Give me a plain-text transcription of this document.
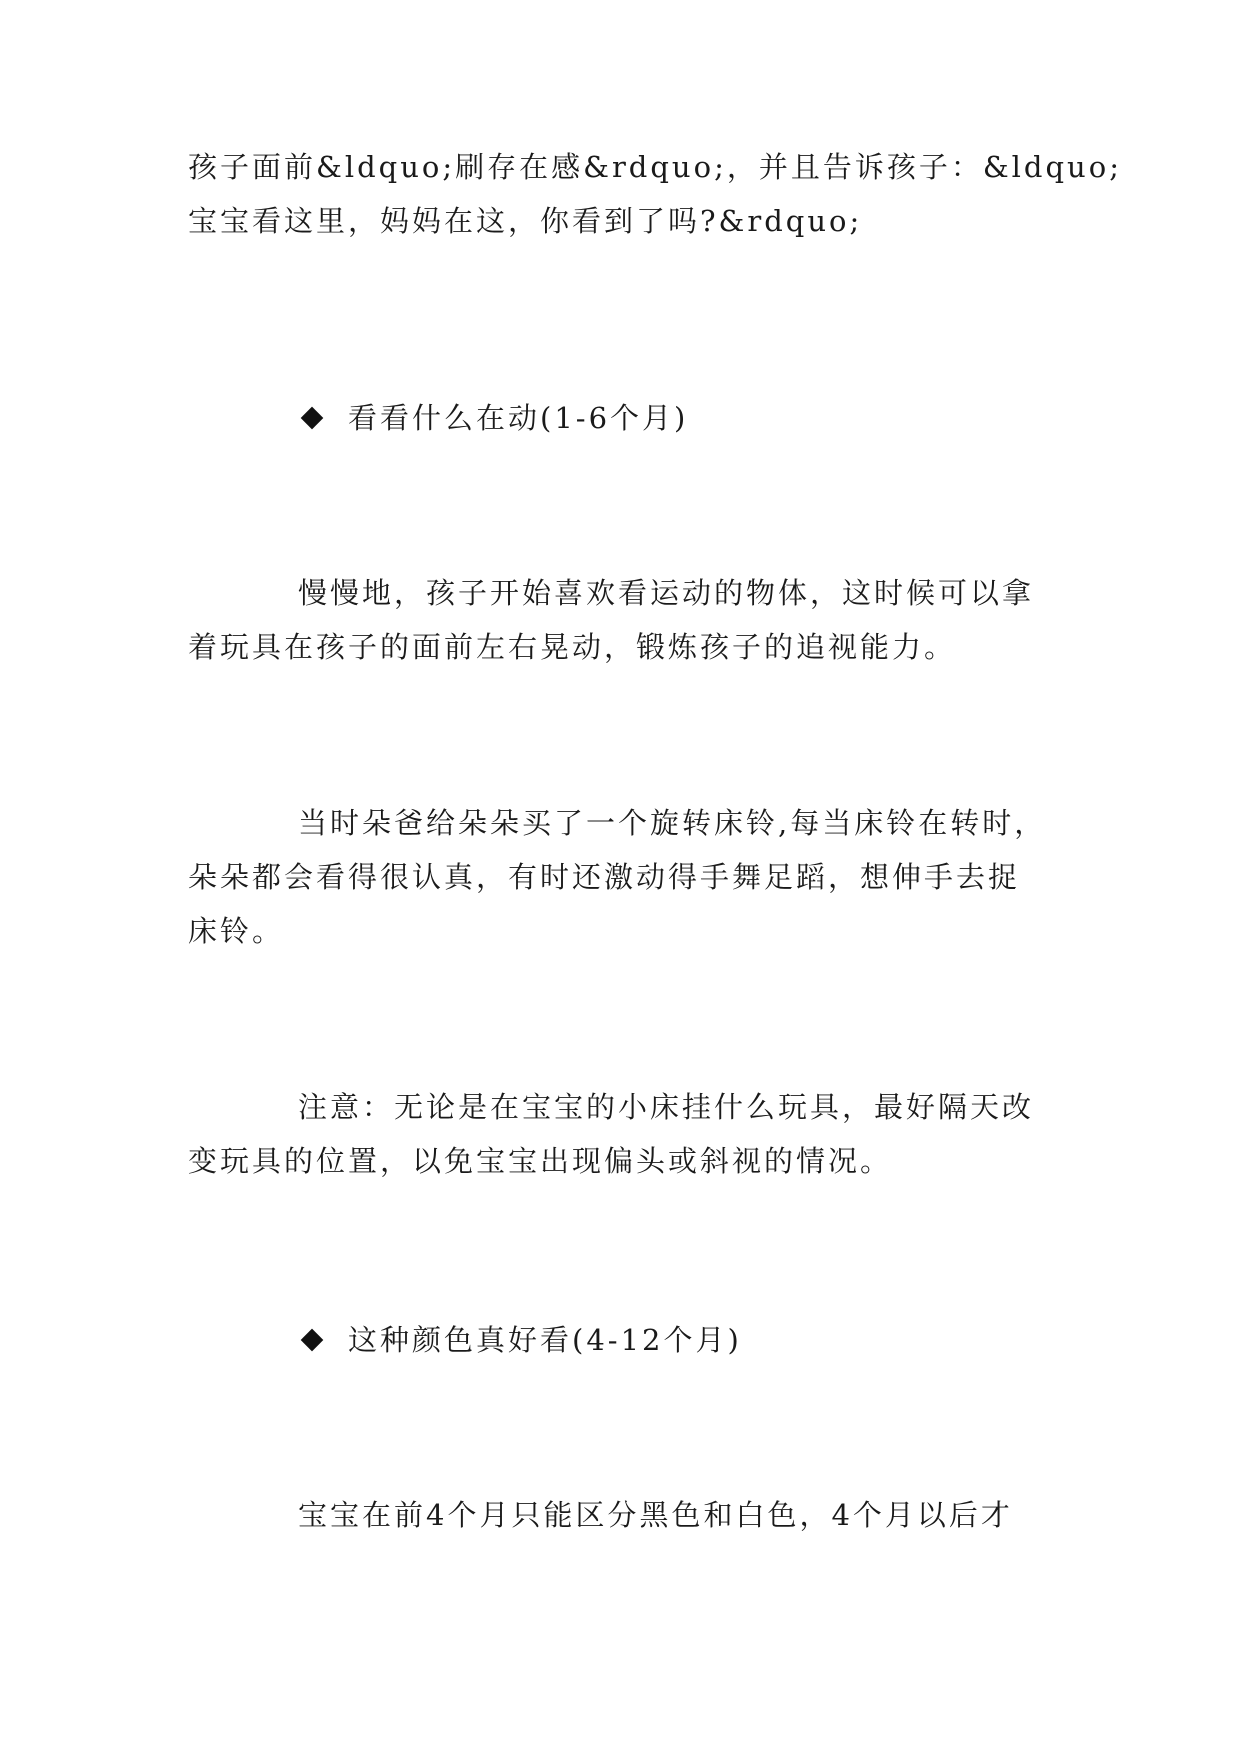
孩子面前&ldquo;刷存在感&rdquo;，并且告诉孩子：&ldquo;
宝宝看这里，妈妈在这，你看到了吗?&rdquo;
看看什么在动(1-6个月)
慢慢地，孩子开始喜欢看运动的物体，这时候可以拿
着玩具在孩子的面前左右晃动，锻炼孩子的追视能力。
当时朵爸给朵朵买了一个旋转床铃,每当床铃在转时，
朵朵都会看得很认真，有时还激动得手舞足蹈，想伸手去捉
床铃。
注意：无论是在宝宝的小床挂什么玩具，最好隔天改
变玩具的位置，以免宝宝出现偏头或斜视的情况。
这种颜色真好看(4-12个月)
宝宝在前4个月只能区分黑色和白色，4个月以后才
